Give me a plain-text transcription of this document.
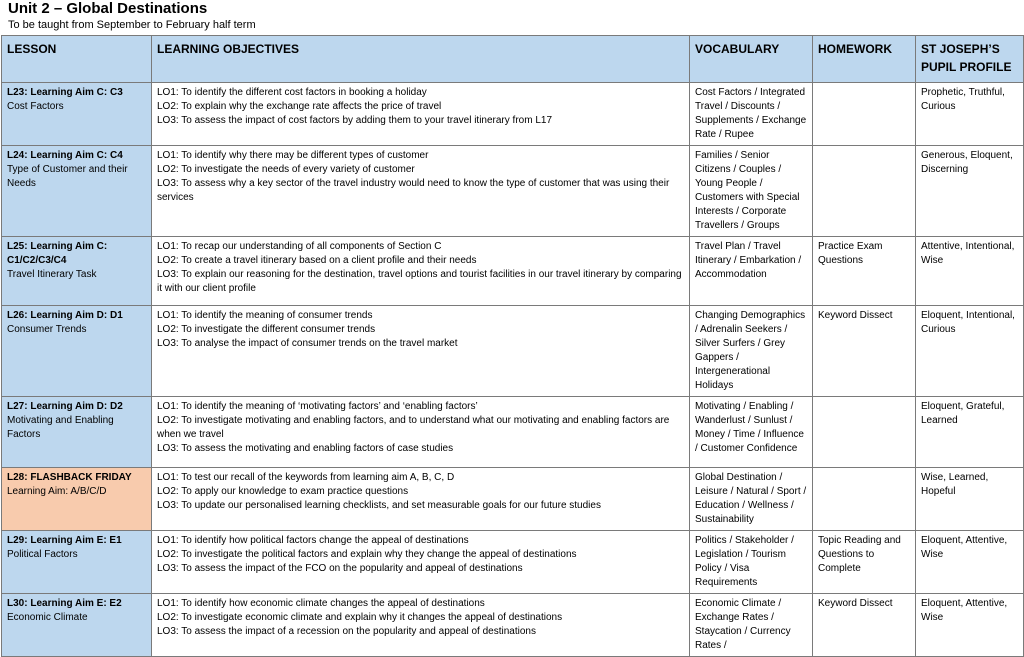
Unit 2 – Global Destinations
To be taught from September to February half term
LESSON	LEARNING OBJECTIVES	VOCABULARY	HOMEWORK	ST JOSEPH’S PUPIL PROFILE
L23: Learning Aim C: C3
Cost Factors	LO1: To identify the different cost factors in booking a holiday
LO2: To explain why the exchange rate affects the price of travel
LO3: To assess the impact of cost factors by adding them to your travel itinerary from L17	Cost Factors / Integrated Travel / Discounts / Supplements / Exchange Rate / Rupee		Prophetic, Truthful, Curious
L24: Learning Aim C: C4
Type of Customer and their Needs	LO1: To identify why there may be different types of customer
LO2: To investigate the needs of every variety of customer
LO3: To assess why a key sector of the travel industry would need to know the type of customer that was using their services	Families / Senior Citizens / Couples / Young People / Customers with Special Interests / Corporate Travellers / Groups		Generous, Eloquent, Discerning
L25: Learning Aim C: C1/C2/C3/C4
Travel Itinerary Task	LO1: To recap our understanding of all components of Section C
LO2: To create a travel itinerary based on a client profile and their needs
LO3: To explain our reasoning for the destination, travel options and tourist facilities in our travel itinerary by comparing it with our client profile	Travel Plan / Travel Itinerary / Embarkation / Accommodation	Practice Exam Questions	Attentive, Intentional, Wise
L26: Learning Aim D: D1
Consumer Trends	LO1: To identify the meaning of consumer trends
LO2: To investigate the different consumer trends
LO3: To analyse the impact of consumer trends on the travel market	Changing Demographics / Adrenalin Seekers / Silver Surfers / Grey Gappers / Intergenerational Holidays	Keyword Dissect	Eloquent, Intentional, Curious
L27: Learning Aim D: D2
Motivating and Enabling Factors	LO1: To identify the meaning of ‘motivating factors’ and ‘enabling factors’
LO2: To investigate motivating and enabling factors, and to understand what our motivating and enabling factors are when we travel
LO3: To assess the motivating and enabling factors of case studies	Motivating / Enabling / Wanderlust / Sunlust / Money / Time / Influence / Customer Confidence		Eloquent, Grateful, Learned
L28: FLASHBACK FRIDAY
Learning Aim: A/B/C/D	LO1: To test our recall of the keywords from learning aim A, B, C, D
LO2: To apply our knowledge to exam practice questions
LO3: To update our personalised learning checklists, and set measurable goals for our future studies	Global Destination / Leisure / Natural / Sport / Education / Wellness / Sustainability		Wise, Learned, Hopeful
L29: Learning Aim E: E1
Political Factors	LO1: To identify how political factors change the appeal of destinations
LO2: To investigate the political factors and explain why they change the appeal of destinations
LO3: To assess the impact of the FCO on the popularity and appeal of destinations	Politics / Stakeholder / Legislation / Tourism Policy / Visa Requirements	Topic Reading and Questions to Complete	Eloquent, Attentive, Wise
L30: Learning Aim E: E2
Economic Climate	LO1: To identify how economic climate changes the appeal of destinations
LO2: To investigate economic climate and explain why it changes the appeal of destinations
LO3: To assess the impact of a recession on the popularity and appeal of destinations	Economic Climate / Exchange Rates / Staycation / Currency Rates /	Keyword Dissect	Eloquent, Attentive, Wise
